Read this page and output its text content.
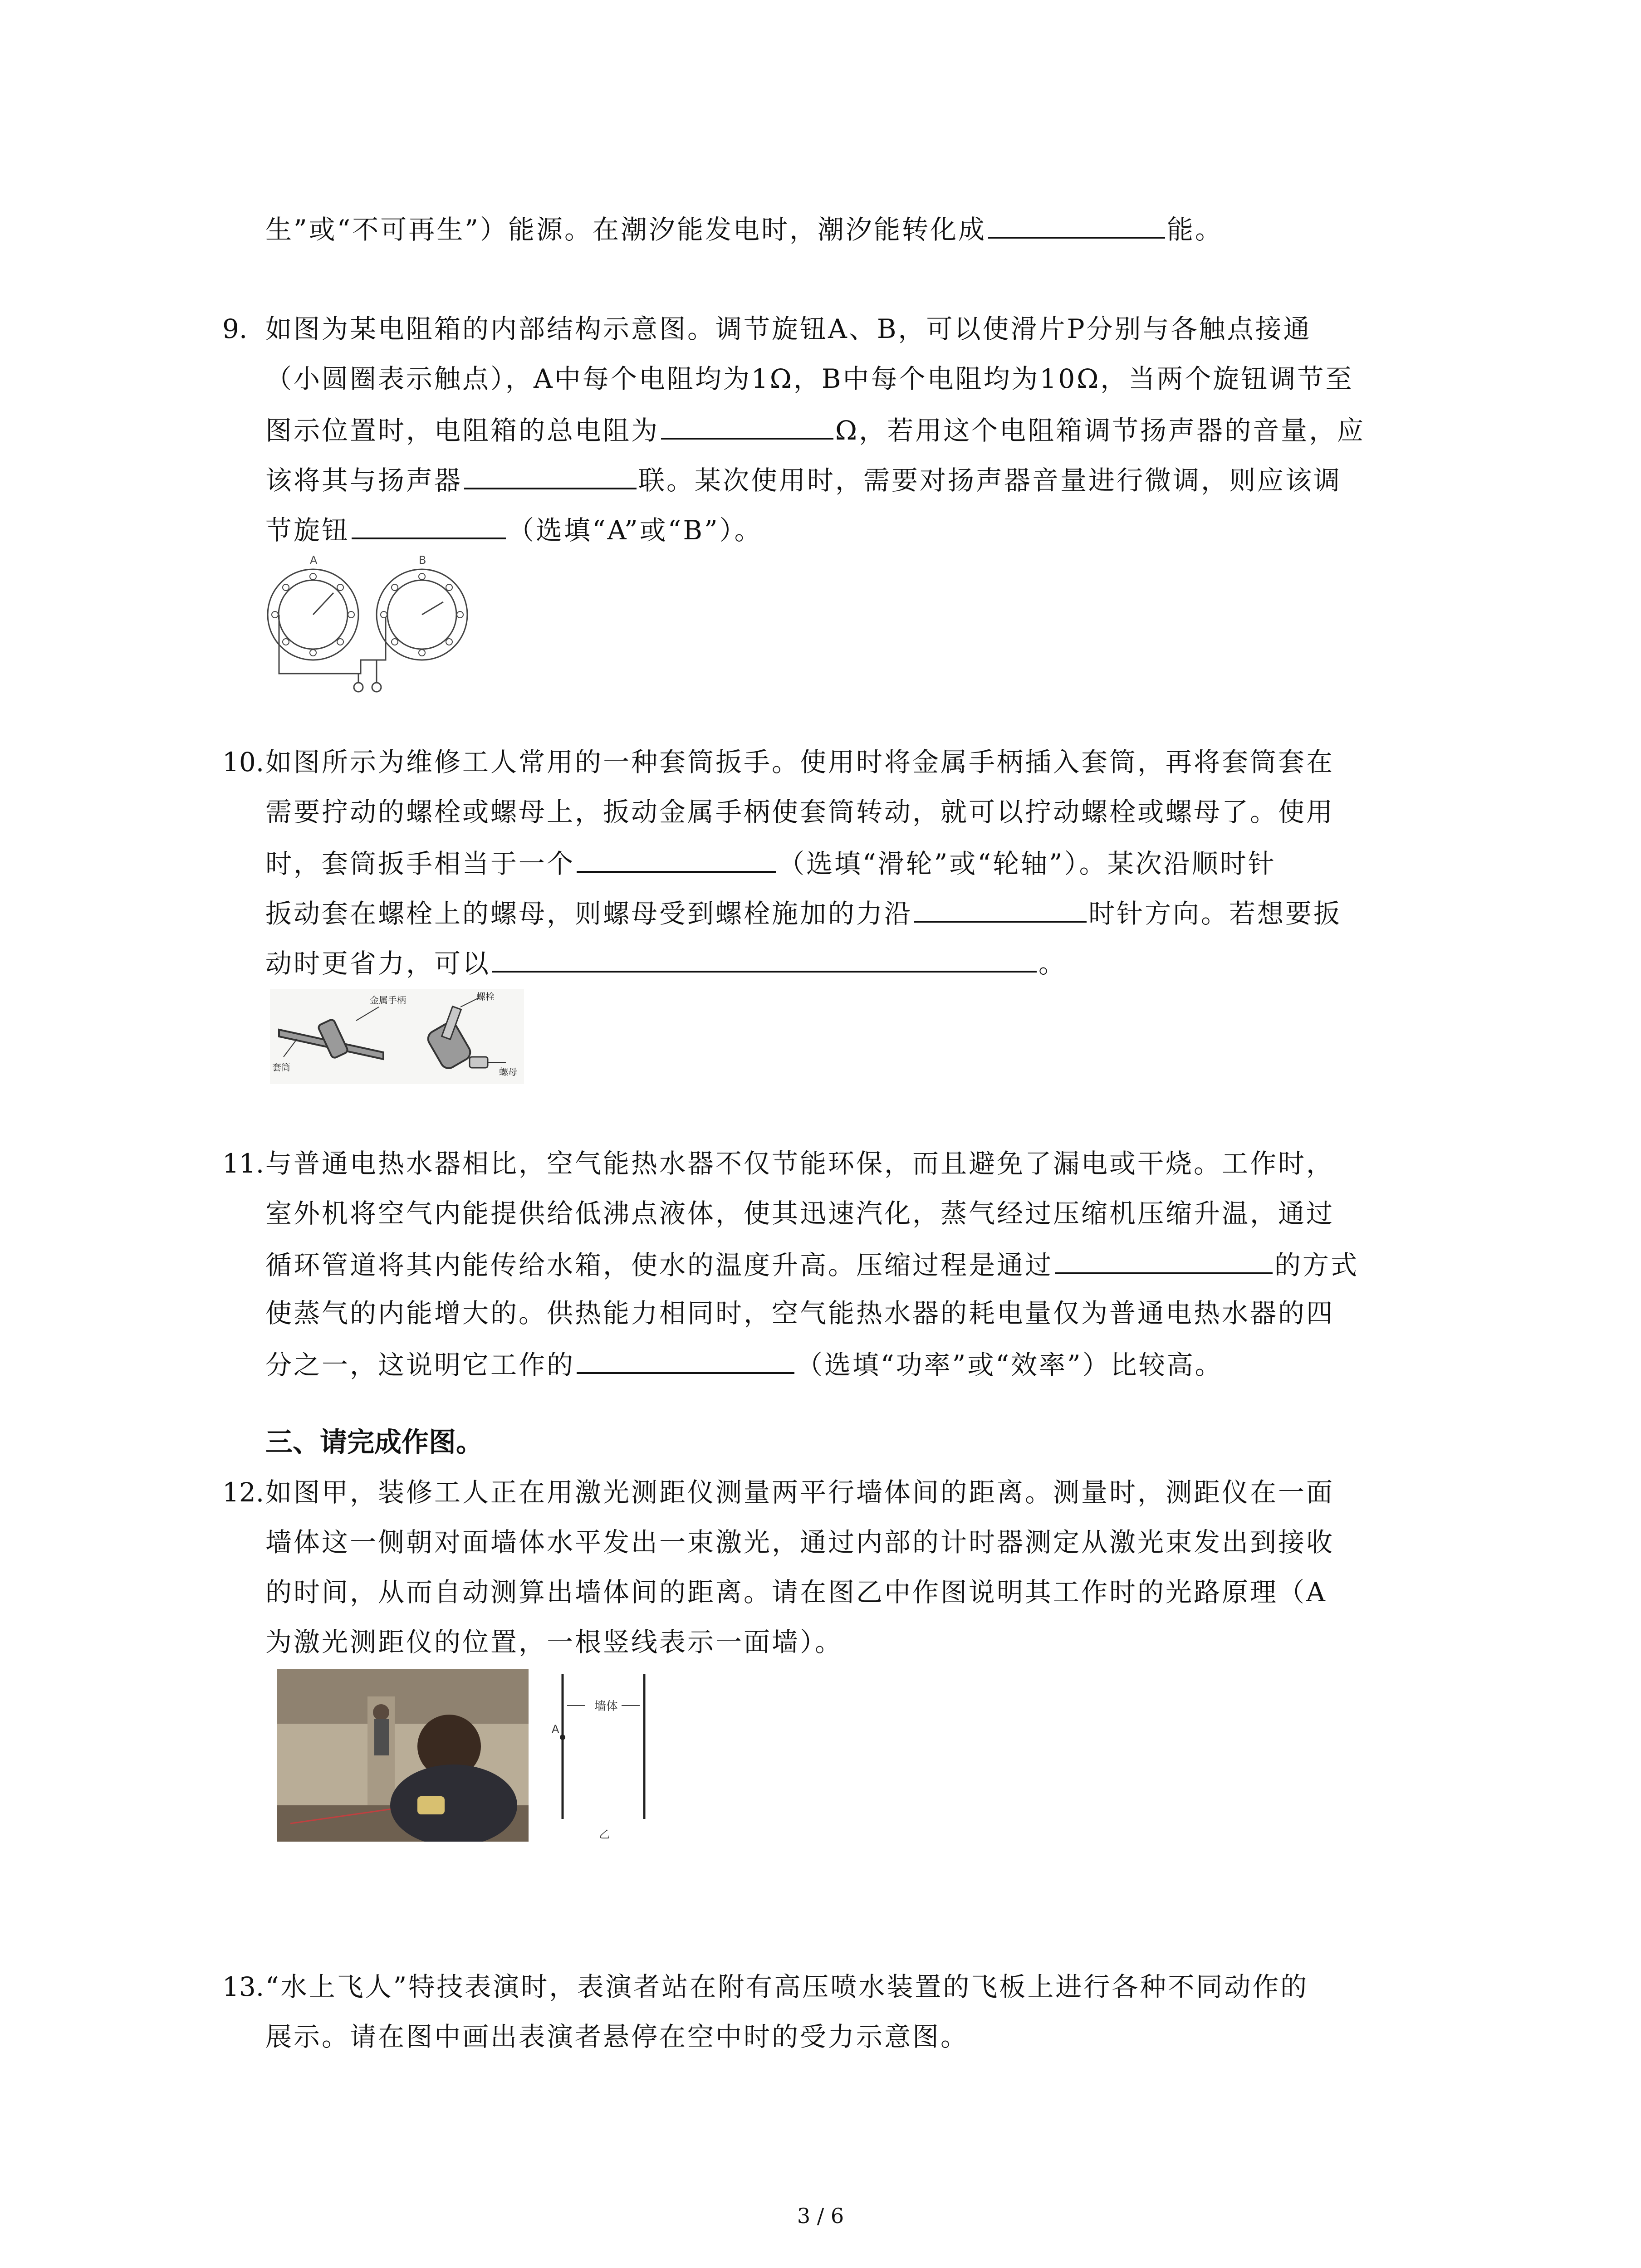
生”或“不可再生”）能源。在潮汐能发电时，潮汐能转化成	能。
9. 如图为某电阻箱的内部结构示意图。调节旋钮A、B，可以使滑片P分别与各触点接通
（小圆圈表示触点），A中每个电阻均为1Ω，B中每个电阻均为10Ω，当两个旋钮调节至
图示位置时，电阻箱的总电阻为	Ω，若用这个电阻箱调节扬声器的音量，应
该将其与扬声器	联。某次使用时，需要对扬声器音量进行微调，则应该调
节旋钮	（选填“A”或“B”）。
A	B
10. 如图所示为维修工人常用的一种套筒扳手。使用时将金属手柄插入套筒，再将套筒套在
需要拧动的螺栓或螺母上，扳动金属手柄使套筒转动，就可以拧动螺栓或螺母了。使用
时，套筒扳手相当于一个	（选填“滑轮”或“轮轴”）。某次沿顺时针
扳动套在螺栓上的螺母，则螺母受到螺栓施加的力沿	时针方向。若想要扳
动时更省力，可以	。
金属手柄	螺栓
套筒	螺母
11. 与普通电热水器相比，空气能热水器不仅节能环保，而且避免了漏电或干烧。工作时，
室外机将空气内能提供给低沸点液体，使其迅速汽化，蒸气经过压缩机压缩升温，通过
循环管道将其内能传给水箱，使水的温度升高。压缩过程是通过	的方式
使蒸气的内能增大的。供热能力相同时，空气能热水器的耗电量仅为普通电热水器的四
分之一，这说明它工作的	（选填“功率”或“效率”）比较高。
三、请完成作图。
12. 如图甲，装修工人正在用激光测距仪测量两平行墙体间的距离。测量时，测距仪在一面
墙体这一侧朝对面墙体水平发出一束激光，通过内部的计时器测定从激光束发出到接收
的时间，从而自动测算出墙体间的距离。请在图乙中作图说明其工作时的光路原理（A
为激光测距仪的位置，一根竖线表示一面墙）。
墙体
A
乙
13. “水上飞人”特技表演时，表演者站在附有高压喷水装置的飞板上进行各种不同动作的
展示。请在图中画出表演者悬停在空中时的受力示意图。
3 / 6
